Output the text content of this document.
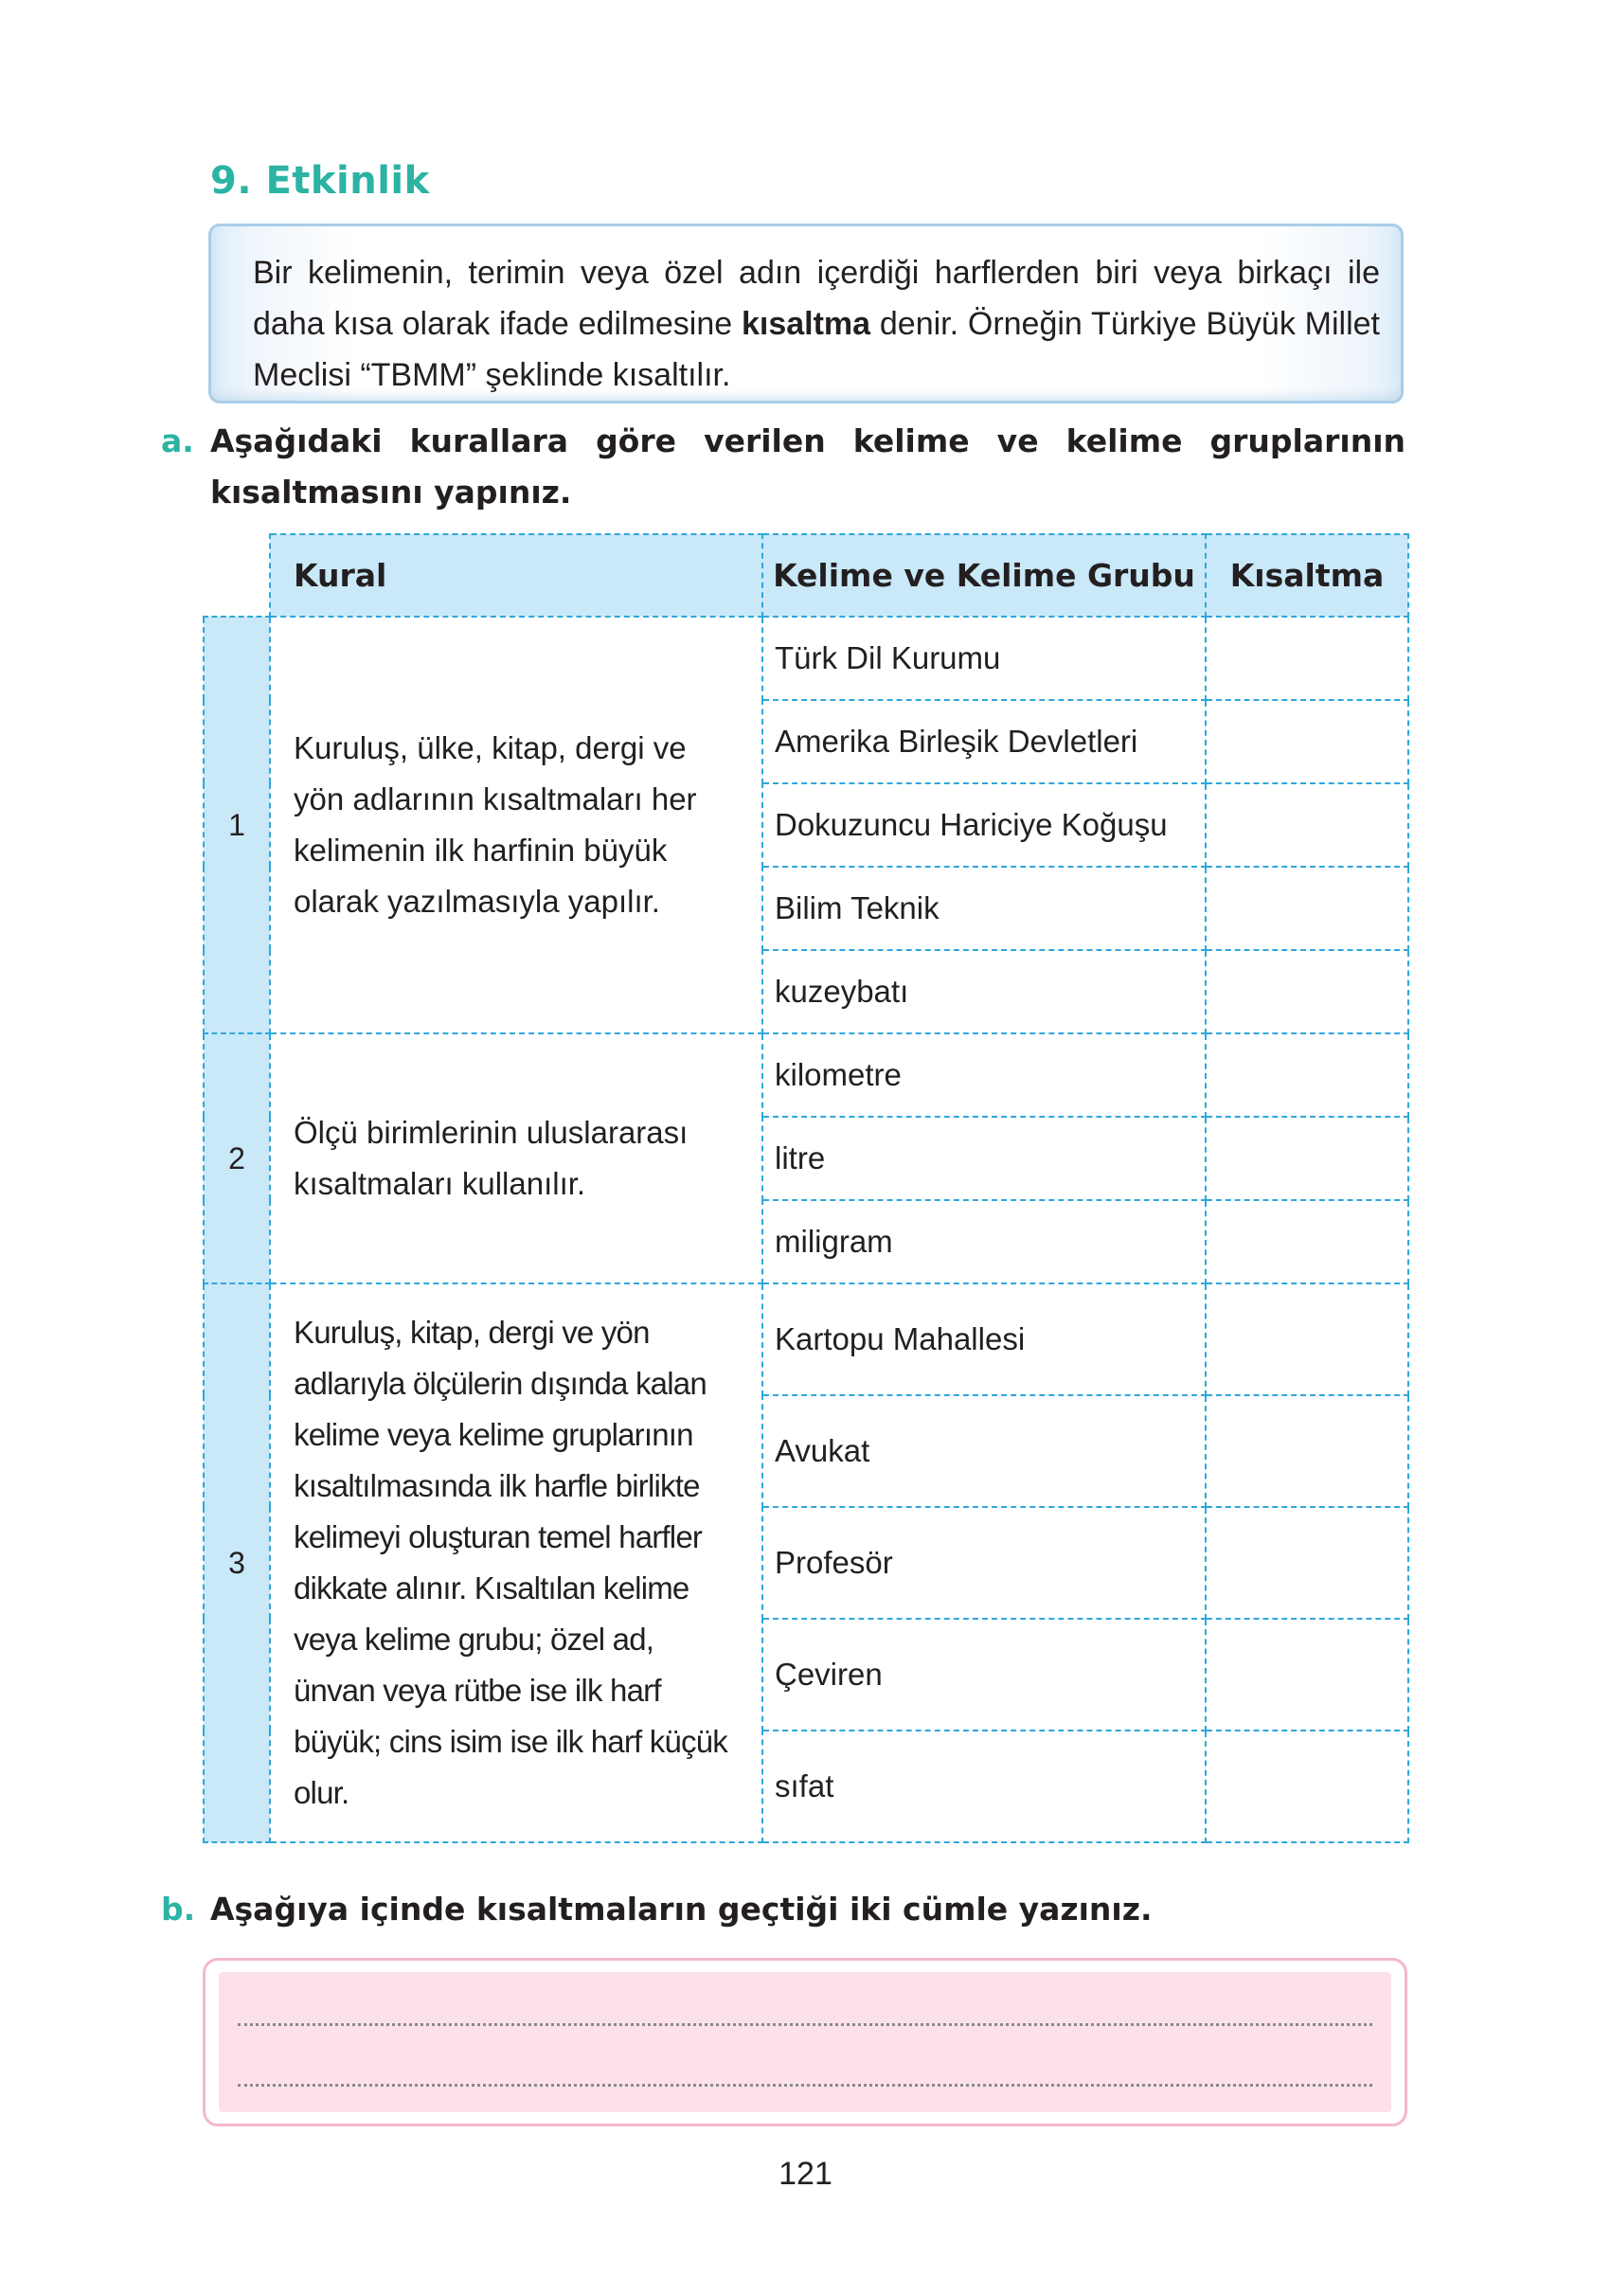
9. Etkinlik
Bir kelimenin, terimin veya özel adın içerdiği harflerden biri veya birkaçı ile daha kısa olarak ifade edilmesine kısaltma denir. Örneğin Türkiye Büyük Millet Meclisi “TBMM” şeklinde kısaltılır.
a. Aşağıdaki kurallara göre verilen kelime ve kelime gruplarının kısaltmasını yapınız.

	Kural	Kelime ve Kelime Grubu	Kısaltma
1	Kuruluş, ülke, kitap, dergi ve yön adlarının kısaltmaları her kelimenin ilk harfinin büyük olarak yazılmasıyla yapılır.	Türk Dil Kurumu	
		Amerika Birleşik Devletleri	
		Dokuzuncu Hariciye Koğuşu	
		Bilim Teknik	
		kuzeybatı	
2	Ölçü birimlerinin uluslararası kısaltmaları kullanılır.	kilometre	
		litre	
		miligram	
3	Kuruluş, kitap, dergi ve yön adlarıyla ölçülerin dışında kalan kelime veya kelime gruplarının kısaltılmasında ilk harfle birlikte kelimeyi oluşturan temel harfler dikkate alınır. Kısaltılan kelime veya kelime grubu; özel ad, ünvan veya rütbe ise ilk harf büyük; cins isim ise ilk harf küçük olur.	Kartopu Mahallesi	
		Avukat	
		Profesör	
		Çeviren	
		sıfat	
b. Aşağıya içinde kısaltmaların geçtiği iki cümle yazınız.

121
